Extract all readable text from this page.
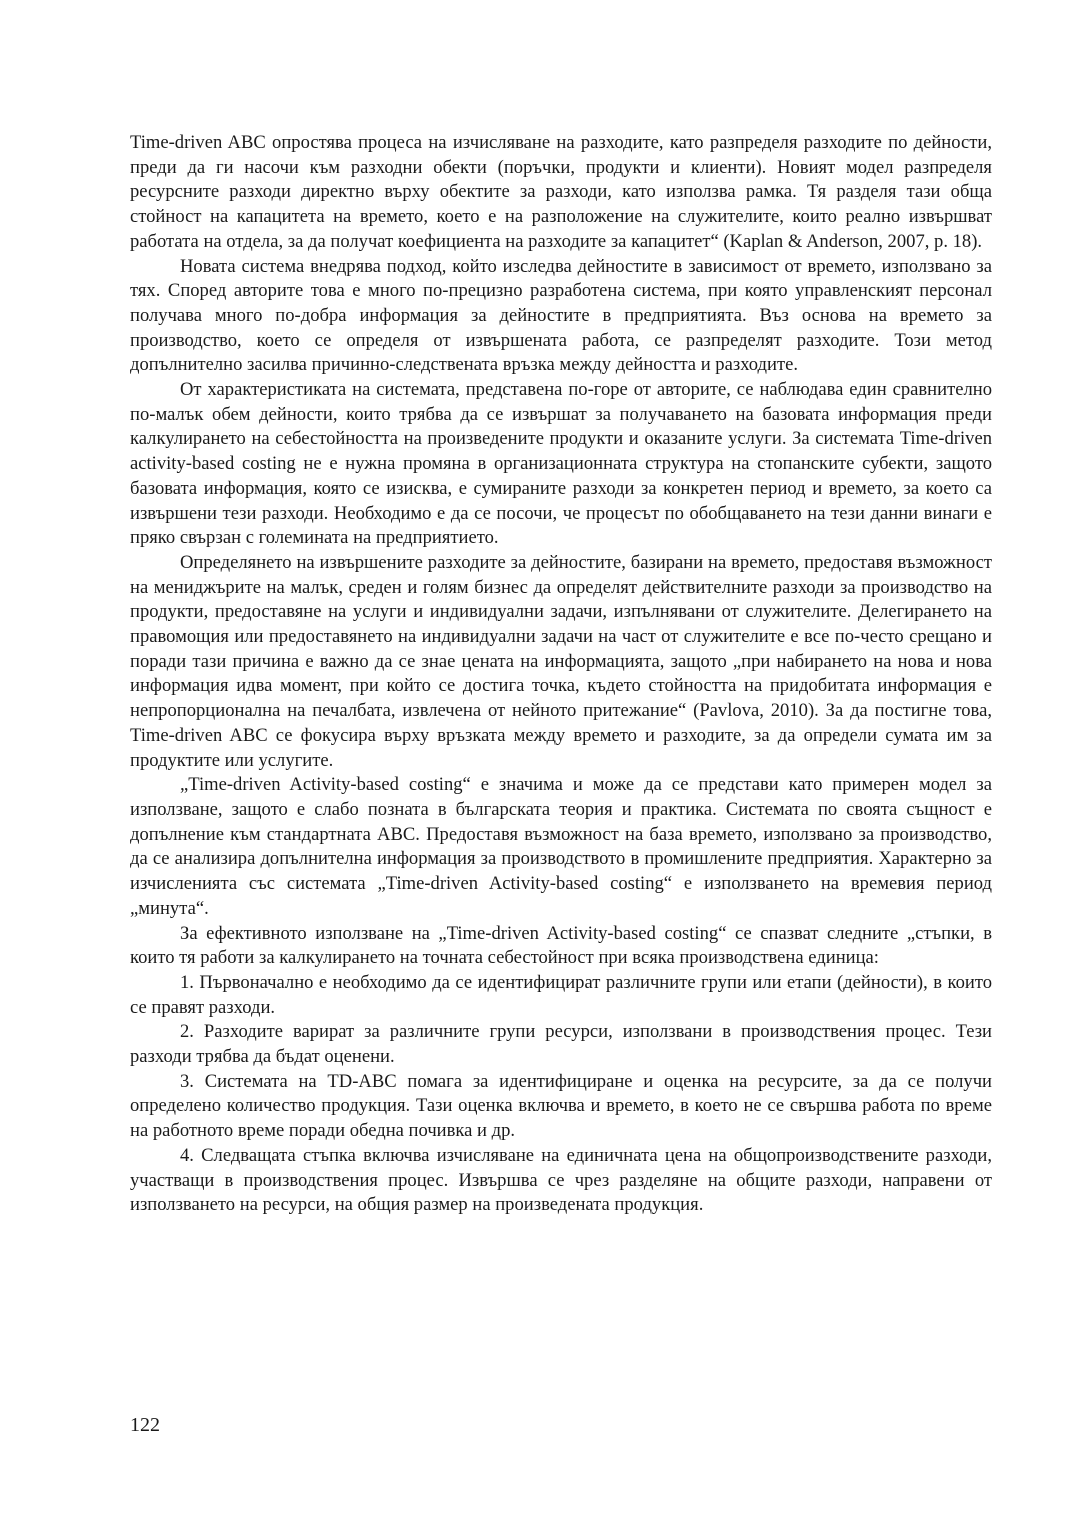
Time-driven ABC опростява процеса на изчисляване на разходите, като разпределя разходите по дейности, преди да ги насочи към разходни обекти (поръчки, продукти и клиенти). Новият модел разпределя ресурсните разходи директно върху обектите за разходи, като използва рамка. Тя разделя тази обща стойност на капацитета на времето, което е на разположение на служителите, които реално извършват работата на отдела, за да получат коефициента на разходите за капацитет“ (Kaplan & Anderson, 2007, p. 18).

Новата система внедрява подход, който изследва дейностите в зависимост от времето, използвано за тях. Според авторите това е много по-прецизно разработена система, при която управленският персонал получава много по-добра информация за дейностите в предприятията. Въз основа на времето за производство, което се определя от извършената работа, се разпределят разходите. Този метод допълнително засилва причинно-следствената връзка между дейността и разходите.

От характеристиката на системата, представена по-горе от авторите, се наблюдава един сравнително по-малък обем дейности, които трябва да се извършат за получаването на базовата информация преди калкулирането на себестойността на произведените продукти и оказаните услуги. За системата Time-driven activity-based costing не е нужна промяна в организационната структура на стопанските субекти, защото базовата информация, която се изисква, е сумираните разходи за конкретен период и времето, за което са извършени тези разходи. Необходимо е да се посочи, че процесът по обобщаването на тези данни винаги е пряко свързан с големината на предприятието.

Определянето на извършените разходите за дейностите, базирани на времето, предоставя възможност на мениджърите на малък, среден и голям бизнес да определят действителните разходи за производство на продукти, предоставяне на услуги и индивидуални задачи, изпълнявани от служителите. Делегирането на правомощия или предоставянето на индивидуални задачи на част от служителите е все по-често срещано и поради тази причина е важно да се знае цената на информацията, защото „при набирането на нова и нова информация идва момент, при който се достига точка, където стойността на придобитата информация е непропорционална на печалбата, извлечена от нейното притежание“ (Pavlova, 2010). За да постигне това, Time-driven ABC се фокусира върху връзката между времето и разходите, за да определи сумата им за продуктите или услугите.

„Time-driven Activity-based costing“ е значима и може да се представи като примерен модел за използване, защото е слабо позната в българската теория и практика. Системата по своята същност е допълнение към стандартната ABC. Предоставя възможност на база времето, използвано за производство, да се анализира допълнителна информация за производството в промишлените предприятия. Характерно за изчисленията със системата „Time-driven Activity-based costing“ е използването на времевия период „минута“.

За ефективното използване на „Time-driven Activity-based costing“ се спазват следните „стъпки, в които тя работи за калкулирането на точната себестойност при всяка производствена единица:

1. Първоначално е необходимо да се идентифицират различните групи или етапи (дейности), в които се правят разходи.

2. Разходите варират за различните групи ресурси, използвани в производствения процес. Тези разходи трябва да бъдат оценени.

3. Системата на TD-ABC помага за идентифициране и оценка на ресурсите, за да се получи определено количество продукция. Тази оценка включва и времето, в което не се свършва работа по време на работното време поради обедна почивка и др.

4. Следващата стъпка включва изчисляване на единичната цена на общопроизводствените разходи, участващи в производствения процес. Извършва се чрез разделяне на общите разходи, направени от използването на ресурси, на общия размер на произведената продукция.

122
